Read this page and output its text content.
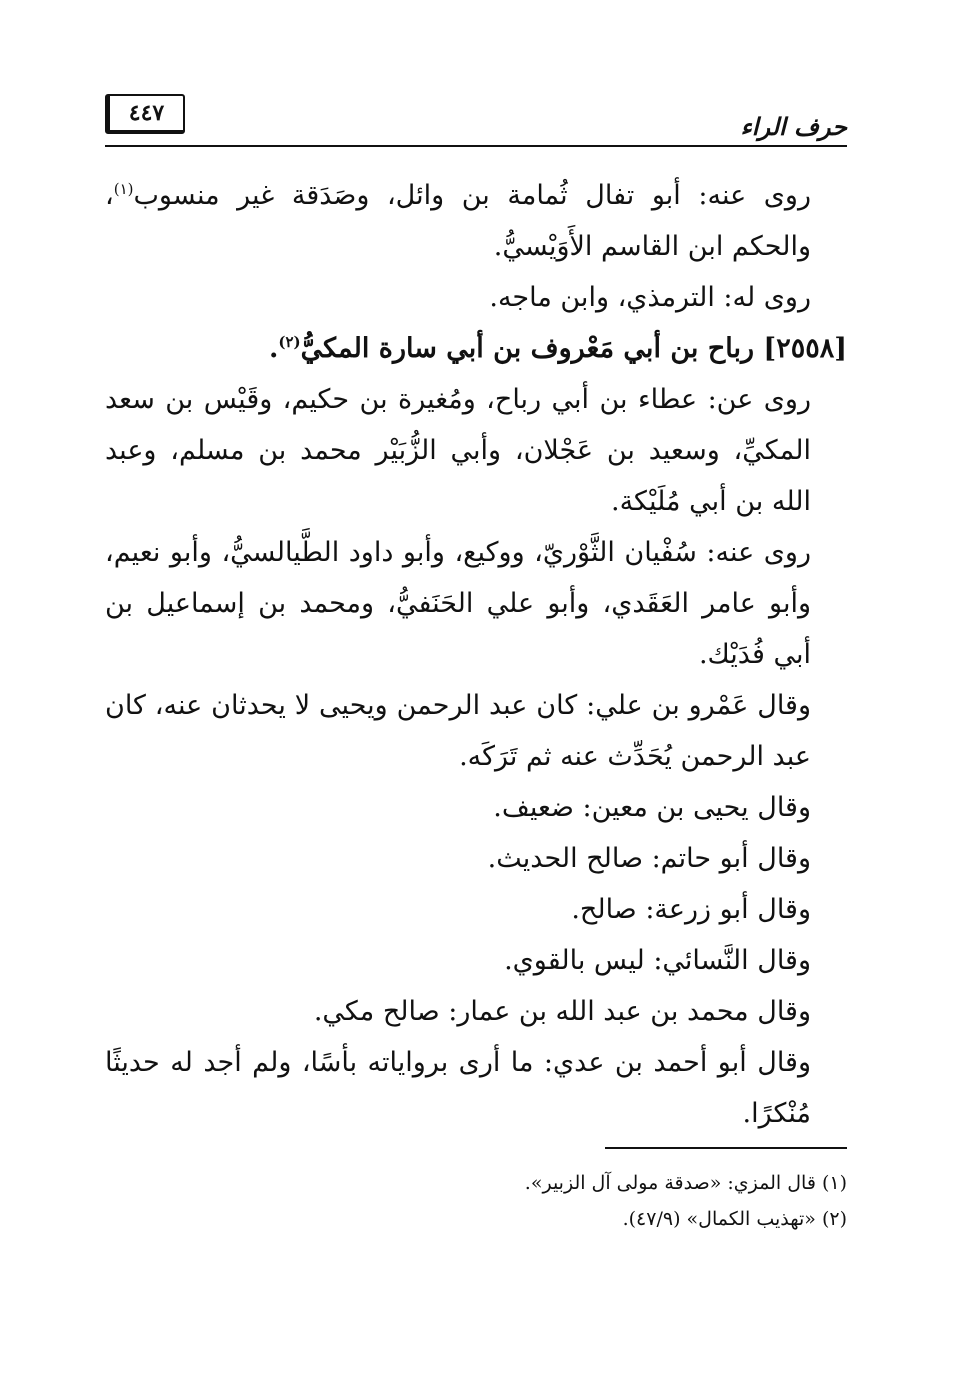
٤٤٧	حرف الراء

روى عنه: أبو تفال ثُمامة بن وائل، وصَدَقة غير منسوب$^{(١)}$، والحكم ابن القاسم الأَوَيْسيُّ.

روى له: الترمذي، وابن ماجه.

[٢٥٥٨] رباح بن أبي مَعْروف بن أبي سارة المكيُّ$^{(٢)}$.

روى عن: عطاء بن أبي رباح، ومُغيرة بن حكيم، وقَيْس بن سعد المكيِّ، وسعيد بن عَجْلان، وأبي الزُّبَيْر محمد بن مسلم، وعبد الله بن أبي مُلَيْكة.

روى عنه: سُفْيان الثَّوْريّ، ووكيع، وأبو داود الطَّيالسيُّ، وأبو نعيم، وأبو عامر العَقَدي، وأبو علي الحَنَفيُّ، ومحمد بن إسماعيل بن أبي فُدَيْك.

وقال عَمْرو بن علي: كان عبد الرحمن ويحيى لا يحدثان عنه، كان عبد الرحمن يُحَدِّث عنه ثم تَرَكَه.

وقال يحيى بن معين: ضعيف.

وقال أبو حاتم: صالح الحديث.

وقال أبو زرعة: صالح.

وقال النَّسائي: ليس بالقوي.

وقال محمد بن عبد الله بن عمار: صالح مكي.

وقال أبو أحمد بن عدي: ما أرى برواياته بأسًا، ولم أجد له حديثًا مُنْكرًا.

(١) قال المزي: «صدقة مولى آل الزبير».

(٢) «تهذيب الكمال» (٤٧/٩).
